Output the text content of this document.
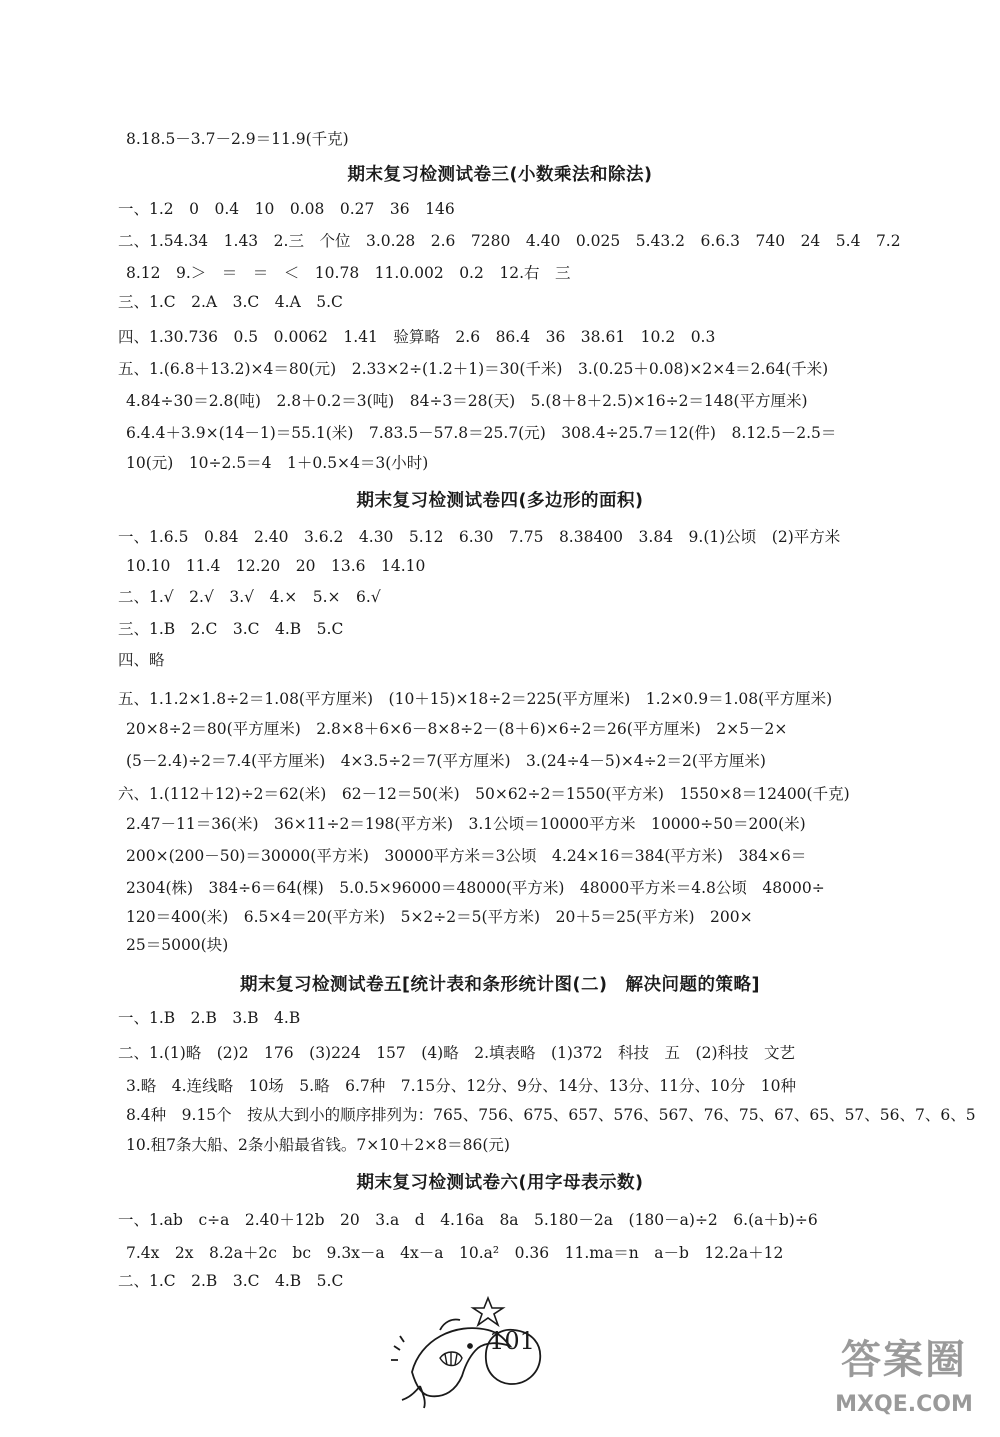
8.18.5－3.7－2.9＝11.9(千克)
期末复习检测试卷三(小数乘法和除法)
一、1.2　0　0.4　10　0.08　0.27　36　146
二、1.54.34　1.43　2.三　个位　3.0.28　2.6　7280　4.40　0.025　5.43.2　6.6.3　740　24　5.4　7.2
8.12　9.＞　＝　＝　＜　10.78　11.0.002　0.2　12.右　三
三、1.C　2.A　3.C　4.A　5.C
四、1.30.736　0.5　0.0062　1.41　验算略　2.6　86.4　36　38.61　10.2　0.3
五、1.(6.8＋13.2)×4＝80(元)　2.33×2÷(1.2＋1)＝30(千米)　3.(0.25＋0.08)×2×4＝2.64(千米)
4.84÷30＝2.8(吨)　2.8＋0.2＝3(吨)　84÷3＝28(天)　5.(8＋8＋2.5)×16÷2＝148(平方厘米)
6.4.4＋3.9×(14－1)＝55.1(米)　7.83.5－57.8＝25.7(元)　308.4÷25.7＝12(件)　8.12.5－2.5＝
10(元)　10÷2.5＝4　1＋0.5×4＝3(小时)
期末复习检测试卷四(多边形的面积)
一、1.6.5　0.84　2.40　3.6.2　4.30　5.12　6.30　7.75　8.38400　3.84　9.(1)公顷　(2)平方米
10.10　11.4　12.20　20　13.6　14.10
二、1.√　2.√　3.√　4.×　5.×　6.√
三、1.B　2.C　3.C　4.B　5.C
四、略
五、1.1.2×1.8÷2＝1.08(平方厘米)　(10＋15)×18÷2＝225(平方厘米)　1.2×0.9＝1.08(平方厘米)
20×8÷2＝80(平方厘米)　2.8×8＋6×6－8×8÷2－(8＋6)×6÷2＝26(平方厘米)　2×5－2×
(5－2.4)÷2＝7.4(平方厘米)　4×3.5÷2＝7(平方厘米)　3.(24÷4－5)×4÷2＝2(平方厘米)
六、1.(112＋12)÷2＝62(米)　62－12＝50(米)　50×62÷2＝1550(平方米)　1550×8＝12400(千克)
2.47－11＝36(米)　36×11÷2＝198(平方米)　3.1公顷＝10000平方米　10000÷50＝200(米)
200×(200－50)＝30000(平方米)　30000平方米＝3公顷　4.24×16＝384(平方米)　384×6＝
2304(株)　384÷6＝64(棵)　5.0.5×96000＝48000(平方米)　48000平方米＝4.8公顷　48000÷
120＝400(米)　6.5×4＝20(平方米)　5×2÷2＝5(平方米)　20＋5＝25(平方米)　200×
25＝5000(块)
期末复习检测试卷五[统计表和条形统计图(二)　解决问题的策略]
一、1.B　2.B　3.B　4.B
二、1.(1)略　(2)2　176　(3)224　157　(4)略　2.填表略　(1)372　科技　五　(2)科技　文艺
3.略　4.连线略　10场　5.略　6.7种　7.15分、12分、9分、14分、13分、11分、10分　10种
8.4种　9.15个　按从大到小的顺序排列为：765、756、675、657、576、567、76、75、67、65、57、56、7、6、5
10.租7条大船、2条小船最省钱。7×10＋2×8＝86(元)
期末复习检测试卷六(用字母表示数)
一、1.ab　c÷a　2.40＋12b　20　3.a　d　4.16a　8a　5.180－2a　(180－a)÷2　6.(a＋b)÷6
7.4x　2x　8.2a＋2c　bc　9.3x－a　4x－a　10.a²　0.36　11.ma＝n　a－b　12.2a＋12
二、1.C　2.B　3.C　4.B　5.C
101	答案圈
MXQE.COM
